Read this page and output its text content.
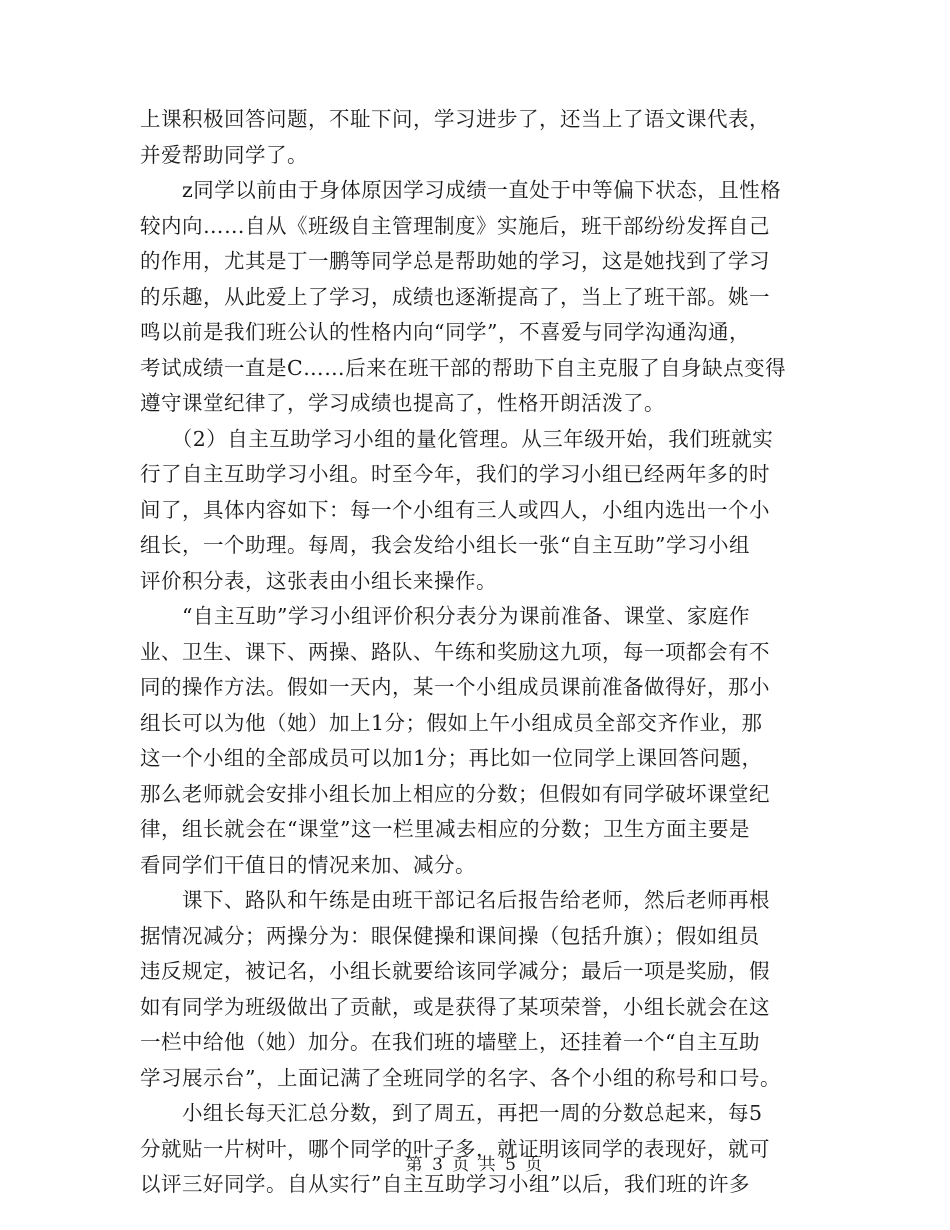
上课积极回答问题，不耻下问，学习进步了，还当上了语文课代表，
并爱帮助同学了。
　　z同学以前由于身体原因学习成绩一直处于中等偏下状态，且性格
较内向……自从《班级自主管理制度》实施后，班干部纷纷发挥自己
的作用，尤其是丁一鹏等同学总是帮助她的学习，这是她找到了学习
的乐趣，从此爱上了学习，成绩也逐渐提高了，当上了班干部。姚一
鸣以前是我们班公认的性格内向“同学”，不喜爱与同学沟通沟通，
考试成绩一直是C……后来在班干部的帮助下自主克服了自身缺点变得
遵守课堂纪律了，学习成绩也提高了，性格开朗活泼了。
　　（2）自主互助学习小组的量化管理。从三年级开始，我们班就实
行了自主互助学习小组。时至今年，我们的学习小组已经两年多的时
间了，具体内容如下：每一个小组有三人或四人，小组内选出一个小
组长，一个助理。每周，我会发给小组长一张“自主互助”学习小组
评价积分表，这张表由小组长来操作。
　　“自主互助”学习小组评价积分表分为课前准备、课堂、家庭作
业、卫生、课下、两操、路队、午练和奖励这九项，每一项都会有不
同的操作方法。假如一天内，某一个小组成员课前准备做得好，那小
组长可以为他（她）加上1分；假如上午小组成员全部交齐作业，那
这一个小组的全部成员可以加1分；再比如一位同学上课回答问题，
那么老师就会安排小组长加上相应的分数；但假如有同学破坏课堂纪
律，组长就会在“课堂”这一栏里减去相应的分数；卫生方面主要是
看同学们干值日的情况来加、减分。
　　课下、路队和午练是由班干部记名后报告给老师，然后老师再根
据情况减分；两操分为：眼保健操和课间操（包括升旗）；假如组员
违反规定，被记名，小组长就要给该同学减分；最后一项是奖励，假
如有同学为班级做出了贡献，或是获得了某项荣誉，小组长就会在这
一栏中给他（她）加分。在我们班的墙壁上，还挂着一个“自主互助
学习展示台”，上面记满了全班同学的名字、各个小组的称号和口号。
　　小组长每天汇总分数，到了周五，再把一周的分数总起来，每5
分就贴一片树叶，哪个同学的叶子多，就证明该同学的表现好，就可
以评三好同学。自从实行”自主互助学习小组”以后，我们班的许多
第 3 页 共 5 页
